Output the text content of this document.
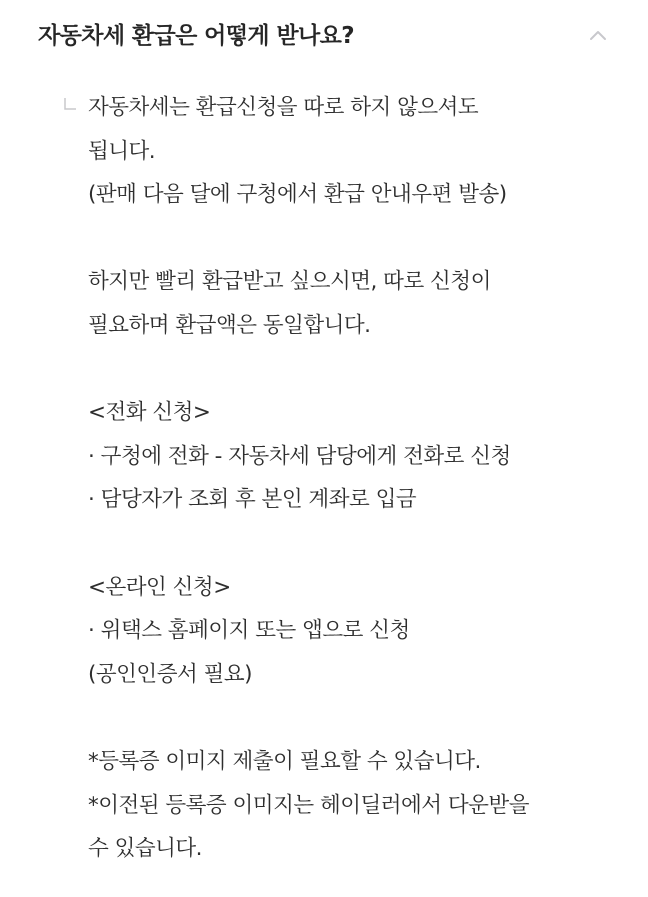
자동차세 환급은 어떻게 받나요?
자동차세는 환급신청을 따로 하지 않으셔도
됩니다.
(판매 다음 달에 구청에서 환급 안내우편 발송)
하지만 빨리 환급받고 싶으시면, 따로 신청이
필요하며 환급액은 동일합니다.
<전화 신청>
· 구청에 전화 - 자동차세 담당에게 전화로 신청
· 담당자가 조회 후 본인 계좌로 입금
<온라인 신청>
· 위택스 홈페이지 또는 앱으로 신청
(공인인증서 필요)
*등록증 이미지 제출이 필요할 수 있습니다.
*이전된 등록증 이미지는 헤이딜러에서 다운받을
수 있습니다.
